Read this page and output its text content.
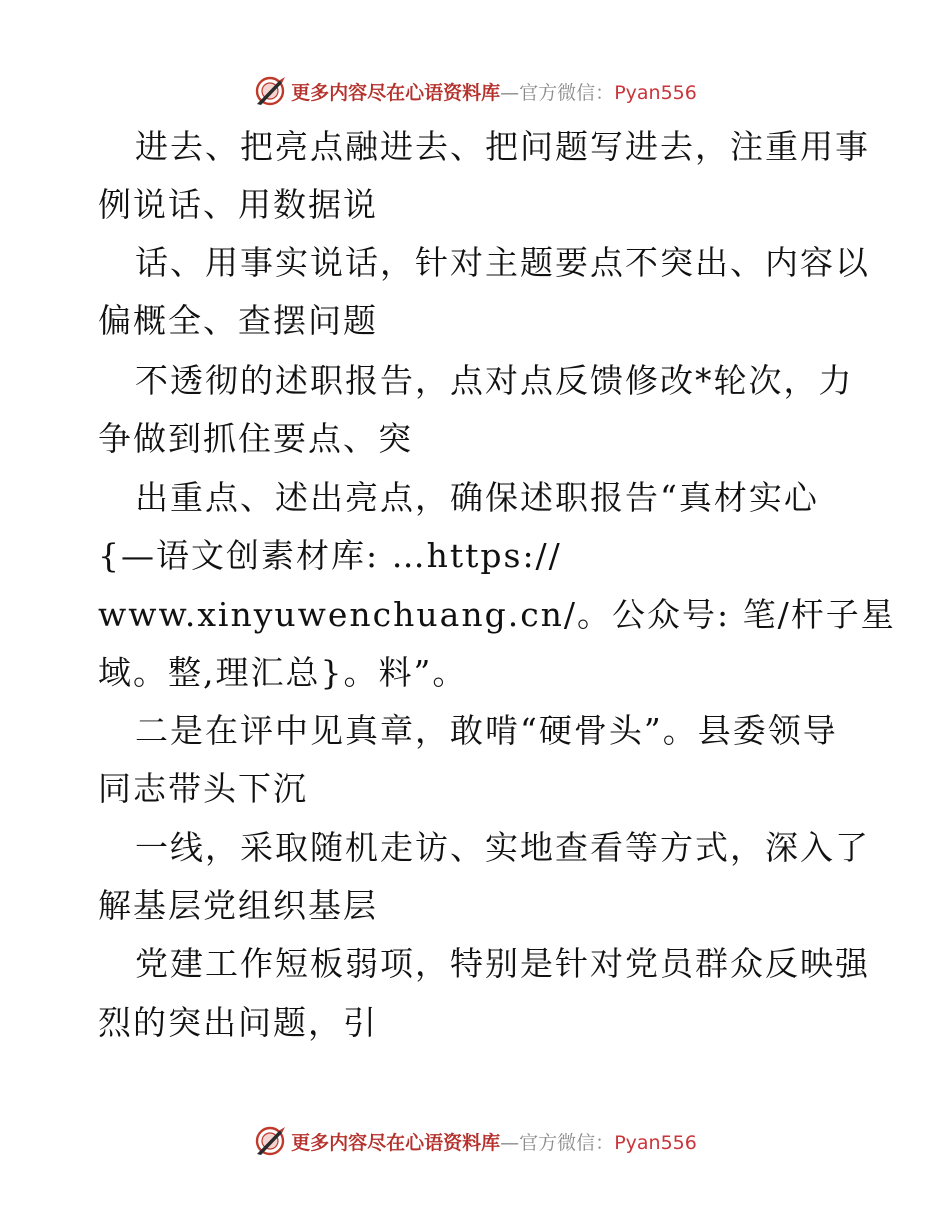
更多内容尽在心语资料库—官方微信：Pyan556
进去、把亮点融进去、把问题写进去，注重用事
例说话、用数据说
话、用事实说话，针对主题要点不突出、内容以
偏概全、查摆问题
不透彻的述职报告，点对点反馈修改*轮次，力
争做到抓住要点、突
出重点、述出亮点，确保述职报告“真材实心
{—语文创素材库: …https://
www.xinyuwenchuang.cn/。公众号: 笔/杆子星
域。整,理汇总}。料”。
二是在评中见真章，敢啃“硬骨头”。县委领导
同志带头下沉
一线，采取随机走访、实地查看等方式，深入了
解基层党组织基层
党建工作短板弱项，特别是针对党员群众反映强
烈的突出问题，引
更多内容尽在心语资料库—官方微信：Pyan556
